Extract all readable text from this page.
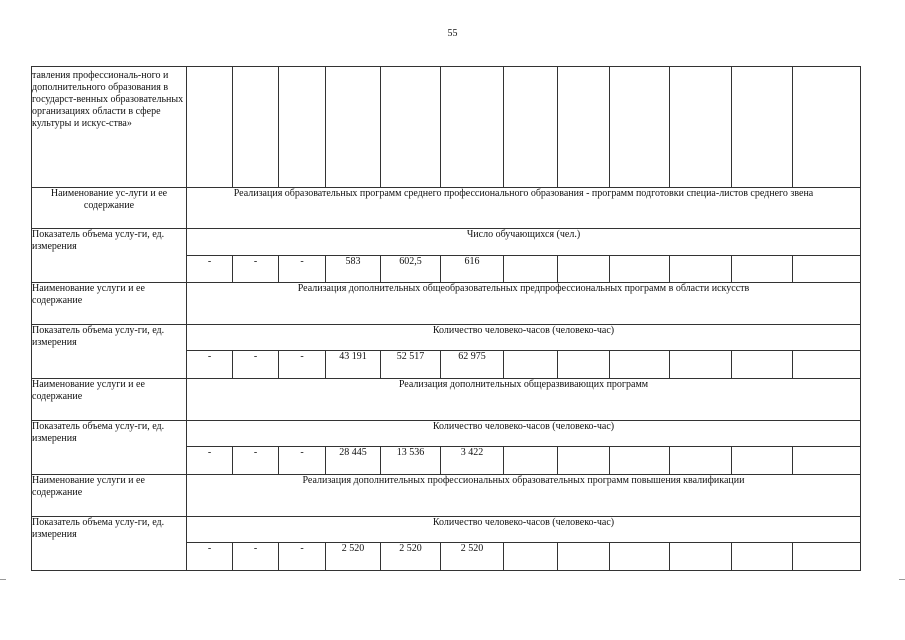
55
тавления профессиональ-ного и дополнительного образования в государст-венных образовательных организациях области в сфере культуры и искус-ства»												
Наименование ус-луги и ее содержание	Реализация образовательных программ среднего профессионального образования - программ подготовки специа-листов среднего звена											
Показатель объема услу-ги, ед. измерения	Число обучающихся (чел.)											
	-	-	-	583	602,5	616						
Наименование услуги и ее содержание	Реализация дополнительных общеобразовательных предпрофессиональных программ в области искусств											
Показатель объема услу-ги, ед. измерения	Количество человеко-часов (человеко-час)											
	-	-	-	43 191	52 517	62 975						
Наименование услуги и ее содержание	Реализация дополнительных общеразвивающих программ											
Показатель объема услу-ги, ед. измерения	Количество человеко-часов (человеко-час)											
	-	-	-	28 445	13 536	3 422						
Наименование услуги и ее содержание	Реализация дополнительных профессиональных образовательных программ повышения квалификации											
Показатель объема услу-ги, ед. измерения	Количество человеко-часов (человеко-час)											
	-	-	-	2 520	2 520	2 520						
